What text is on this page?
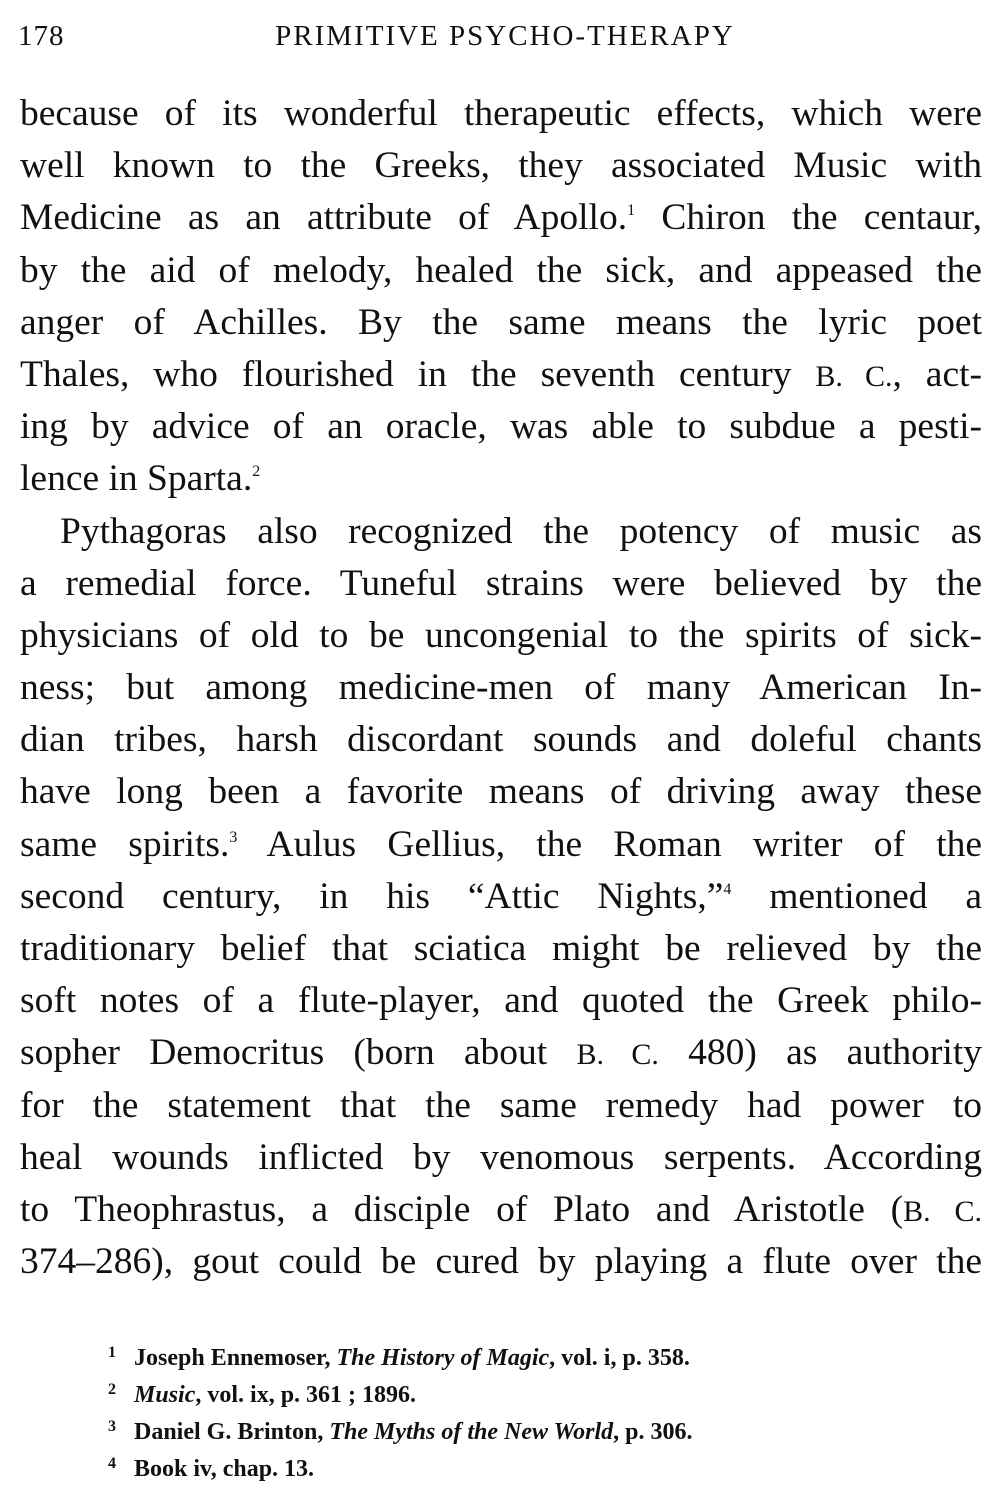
178	PRIMITIVE PSYCHO-THERAPY
because of its wonderful therapeutic effects, which were
well known to the Greeks, they associated Music with
Medicine as an attribute of Apollo.$^1$ Chiron the centaur,
by the aid of melody, healed the sick, and appeased the
anger of Achilles. By the same means the lyric poet
Thales, who flourished in the seventh century B. C., act-
ing by advice of an oracle, was able to subdue a pesti-
lence in Sparta.$^2$
Pythagoras also recognized the potency of music as
a remedial force. Tuneful strains were believed by the
physicians of old to be uncongenial to the spirits of sick-
ness; but among medicine-men of many American In-
dian tribes, harsh discordant sounds and doleful chants
have long been a favorite means of driving away these
same spirits.$^3$ Aulus Gellius, the Roman writer of the
second century, in his “Attic Nights,”$^4$ mentioned a
traditionary belief that sciatica might be relieved by the
soft notes of a flute-player, and quoted the Greek philo-
sopher Democritus (born about B. C. 480) as authority
for the statement that the same remedy had power to
heal wounds inflicted by venomous serpents. According
to Theophrastus, a disciple of Plato and Aristotle (B. C.
374–286), gout could be cured by playing a flute over the
1 Joseph Ennemoser, The History of Magic, vol. i, p. 358.
2 Music, vol. ix, p. 361 ; 1896.
3 Daniel G. Brinton, The Myths of the New World, p. 306.
4 Book iv, chap. 13.
